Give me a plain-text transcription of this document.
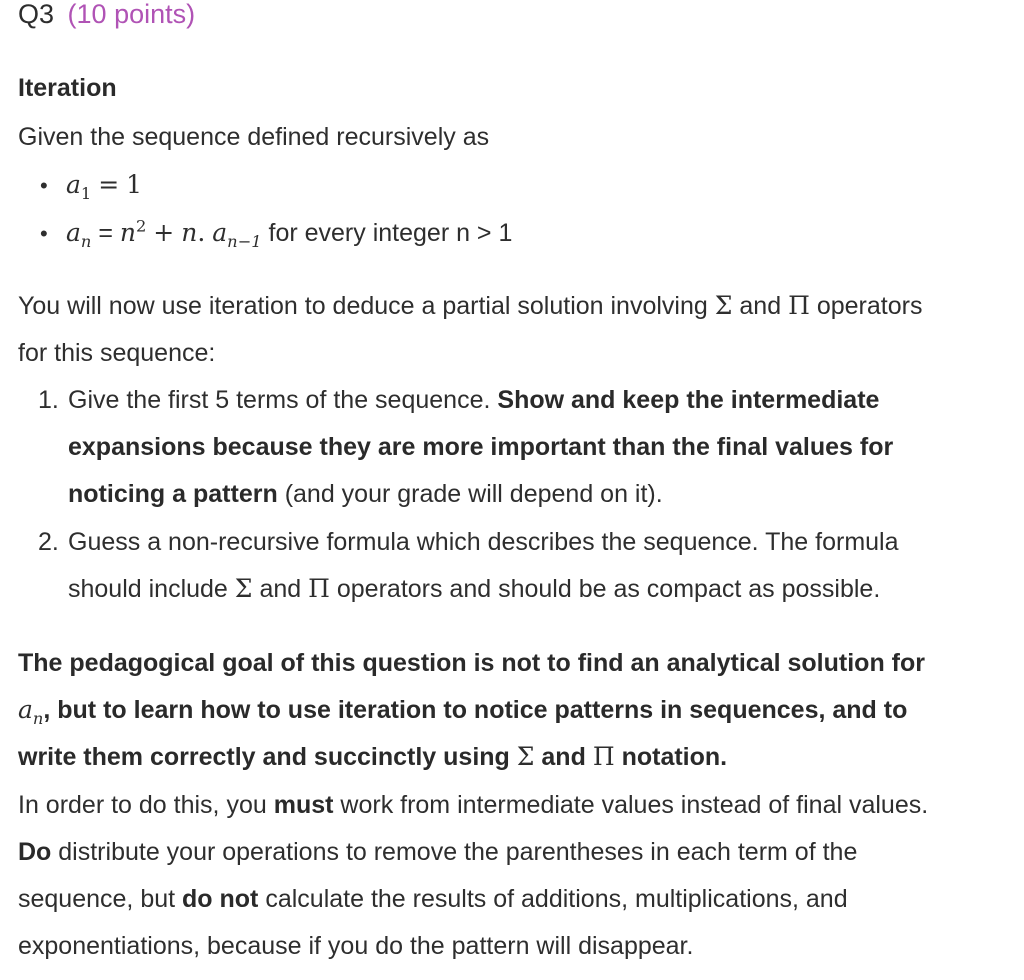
Q3 (10 points)
Iteration
Given the sequence defined recursively as
• $a_1 = 1$
• $a_n = n^2 + n$. $a_{n-1}$ for every integer n > 1
You will now use iteration to deduce a partial solution involving Σ and Π operators
for this sequence:
1. Give the first 5 terms of the sequence. Show and keep the intermediate
expansions because they are more important than the final values for
noticing a pattern (and your grade will depend on it).
2. Guess a non-recursive formula which describes the sequence. The formula
should include Σ and Π operators and should be as compact as possible.
The pedagogical goal of this question is not to find an analytical solution for
$a_n$, but to learn how to use iteration to notice patterns in sequences, and to
write them correctly and succinctly using Σ and Π notation.
In order to do this, you must work from intermediate values instead of final values.
Do distribute your operations to remove the parentheses in each term of the
sequence, but do not calculate the results of additions, multiplications, and
exponentiations, because if you do the pattern will disappear.
